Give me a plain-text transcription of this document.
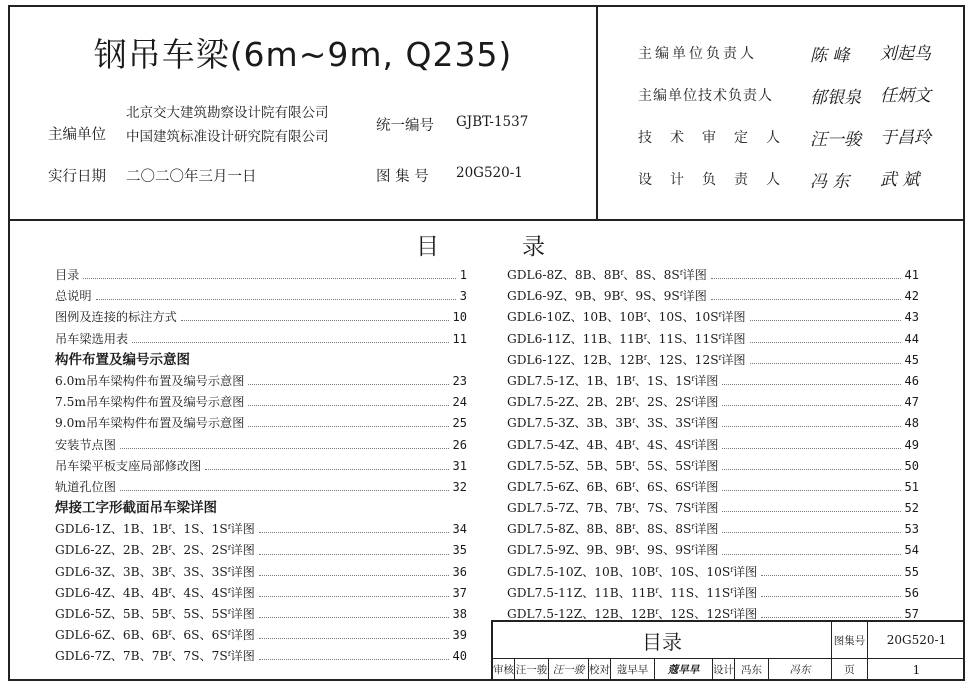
钢吊车梁(6m~9m, Q235)
主编单位
北京交大建筑勘察设计院有限公司
中国建筑标准设计研究院有限公司
统一编号 GJBT-1537
实行日期 二〇二〇年三月一日	图 集 号 20G520-1
主编单位负责人	陈 峰 刘起鸟
主编单位技术负责人 郁银泉 任炳文
技术审定人 汪一骏 于昌玲
设计负责人 冯 东 武 斌
目	录
目录	1
总说明	3
图例及连接的标注方式	10
吊车梁选用表	11
构件布置及编号示意图
6.0m吊车梁构件布置及编号示意图	23
7.5m吊车梁构件布置及编号示意图	24
9.0m吊车梁构件布置及编号示意图	25
安装节点图	26
吊车梁平板支座局部修改图	31
轨道孔位图	32
焊接工字形截面吊车梁详图
GDL6-1Z、1B、1Bᶠ、1S、1Sᶠ详图	34
GDL6-2Z、2B、2Bᶠ、2S、2Sᶠ详图	35
GDL6-3Z、3B、3Bᶠ、3S、3Sᶠ详图	36
GDL6-4Z、4B、4Bᶠ、4S、4Sᶠ详图	37
GDL6-5Z、5B、5Bᶠ、5S、5Sᶠ详图	38
GDL6-6Z、6B、6Bᶠ、6S、6Sᶠ详图	39
GDL6-7Z、7B、7Bᶠ、7S、7Sᶠ详图	40
GDL6-8Z、8B、8Bᶠ、8S、8Sᶠ详图	41
GDL6-9Z、9B、9Bᶠ、9S、9Sᶠ详图	42
GDL6-10Z、10B、10Bᶠ、10S、10Sᶠ详图	43
GDL6-11Z、11B、11Bᶠ、11S、11Sᶠ详图	44
GDL6-12Z、12B、12Bᶠ、12S、12Sᶠ详图	45
GDL7.5-1Z、1B、1Bᶠ、1S、1Sᶠ详图	46
GDL7.5-2Z、2B、2Bᶠ、2S、2Sᶠ详图	47
GDL7.5-3Z、3B、3Bᶠ、3S、3Sᶠ详图	48
GDL7.5-4Z、4B、4Bᶠ、4S、4Sᶠ详图	49
GDL7.5-5Z、5B、5Bᶠ、5S、5Sᶠ详图	50
GDL7.5-6Z、6B、6Bᶠ、6S、6Sᶠ详图	51
GDL7.5-7Z、7B、7Bᶠ、7S、7Sᶠ详图	52
GDL7.5-8Z、8B、8Bᶠ、8S、8Sᶠ详图	53
GDL7.5-9Z、9B、9Bᶠ、9S、9Sᶠ详图	54
GDL7.5-10Z、10B、10Bᶠ、10S、10Sᶠ详图	55
GDL7.5-11Z、11B、11Bᶠ、11S、11Sᶠ详图	56
GDL7.5-12Z、12B、12Bᶠ、12S、12Sᶠ详图	57
目录	图集号	20G520-1
审核 汪一骏 汪一骏 校对 蔻早早	蔻早早	设计 冯东	冯东	页	1
